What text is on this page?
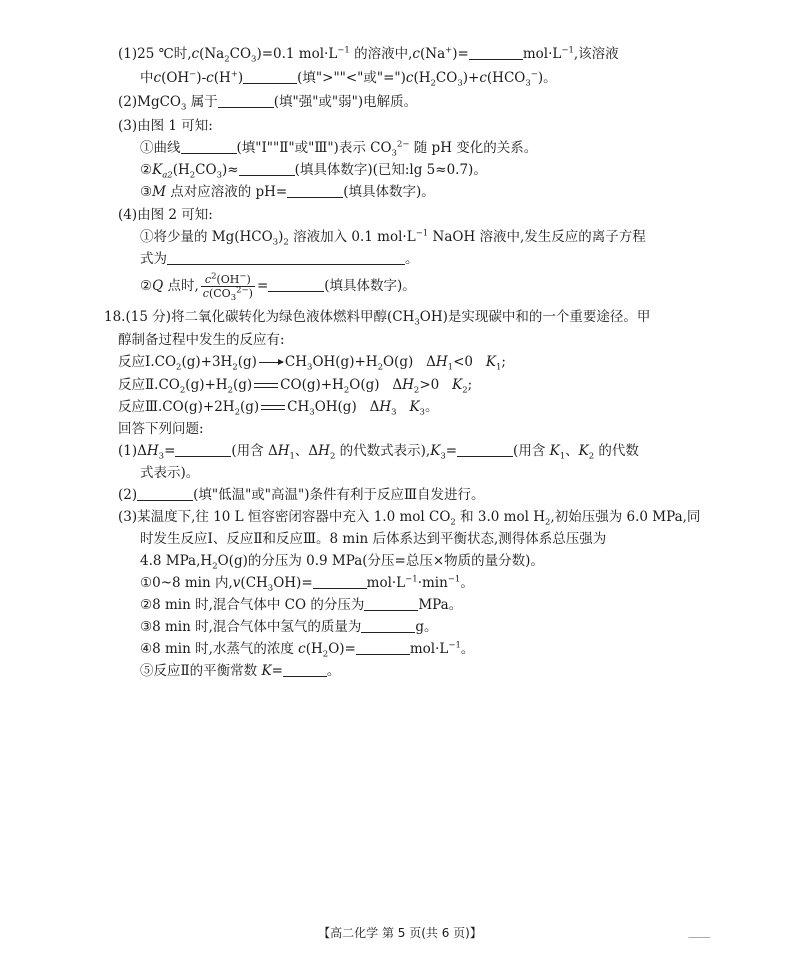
(1)25 ℃时$,c(Na_2CO_3)=0.1$ $mol\cdot L^{-1}$ 的溶液中,c(Na+)=	$mol\cdot L^{-1}$,该溶液
中c(OH−)-c(H+)	(填">""<"或"$=")c(H_2CO_3)+c(HCO_3^-)$。
(2)MgCO$_3$ 属于	(填"强"或"弱")电解质。
(3)由图 1 可知:
①曲线	(填"Ⅰ""Ⅱ"或"Ⅲ")表示 $CO_3^{2-}$ 随 pH 变化的关系。
$②K_{a2}(H_2CO_3)\approx$	(填具体数字)(已知:lg 5≈0.7)。
③M 点对应溶液的 pH=	(填具体数字)。
(4)由图 2 可知:
①将少量的 $Mg(HCO_3)_2$ 溶液加入 0.1 $mol\cdot L^{-1}$ NaOH 溶液中,发生反应的离子方程
式为	。
②Q 点时, $\frac{c^2(OH^-)}{c(CO_3^{2-})}$ =	(填具体数字)。
18.(15 分)将二氧化碳转化为绿色液体燃料甲醇$(CH_3OH)$是实现碳中和的一个重要途径。甲
醇制备过程中发生的反应有:
反应$Ⅰ.CO_2(g)+3H_2(g) \to CH_3OH(g)+H_2O(g)$ $\Delta H_1<0$ $K_1$;
反应$Ⅱ.CO_2(g)+H_2(g)$ $CO(g)+H_2O(g)$ $\Delta H_2>0$ $K_2$;
反应$Ⅲ.CO(g)+2H_2(g)$ $CH_3OH(g)$ $\Delta H_3$ $K_3$。
回答下列问题:
$(1)\Delta H_3=$	(用含 $\Delta H_1$、$\Delta H_2$ 的代数式表示)$,K_3=$	(用含 $K_1$、$K_2$ 的代数
式表示)。
(2)	(填"低温"或"高温")条件有利于反应Ⅲ自发进行。
(3)某温度下,往 10 L 恒容密闭容器中充入 1.0 mol $CO_2$ 和 3.0 mol $H_2$,初始压强为 6.0 MPa,同
时发生反应Ⅰ、反应Ⅱ和反应Ⅲ。8 min 后体系达到平衡状态,测得体系总压强为
4.8 $MPa,H_2O(g)$的分压为 0.9 MPa(分压=总压×物质的量分数)。
①0~8 min 内$,v(CH_3OH)=$	$mol\cdot L^{-1}\cdot\min^{-1}$。
②8 min 时,混合气体中 CO 的分压为	MPa。
③8 min 时,混合气体中氢气的质量为	g。
④8 min 时,水蒸气的浓度 $c(H_2O)=$	$mol\cdot L^{-1}$。
⑤反应Ⅱ的平衡常数 K=	。
【高二化学 第 5 页(共 6 页)】	⸻
